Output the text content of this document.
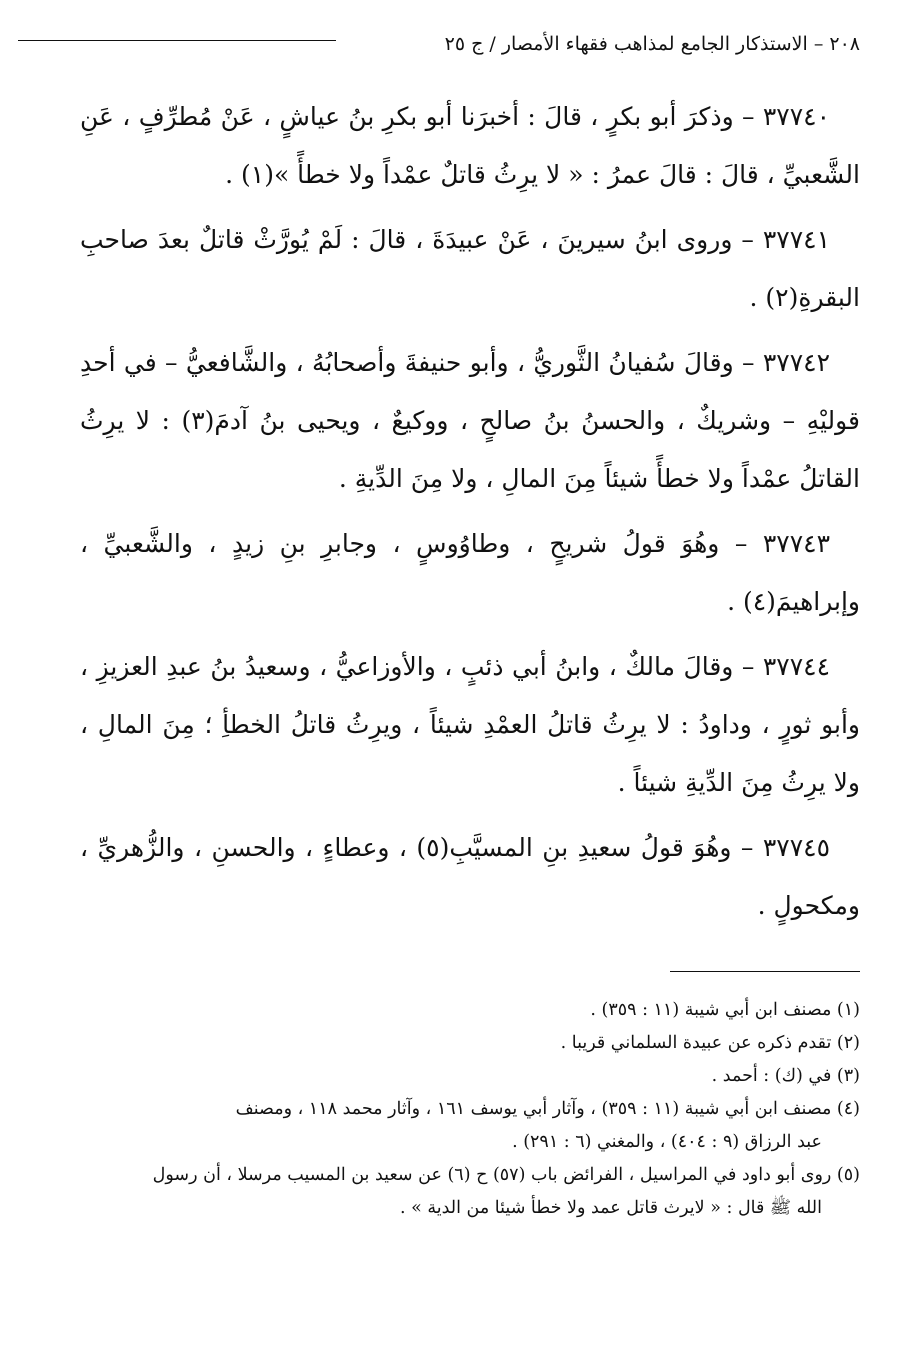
٢٠٨ – الاستذكار الجامع لمذاهب فقهاء الأمصار / ج ٢٥

٣٧٧٤٠ – وذكرَ أبو بكرٍ ، قالَ : أخبرَنا أبو بكرِ بنُ عياشٍ ، عَنْ مُطرِّفٍ ، عَنِ الشَّعبيِّ ، قالَ : قالَ عمرُ : « لا يرِثُ قاتلٌ عمْداً ولا خطأً »(١) .

٣٧٧٤١ – وروى ابنُ سيرينَ ، عَنْ عبيدَةَ ، قالَ : لَمْ يُورَّثْ قاتلٌ بعدَ صاحبِ البقرةِ(٢) .

٣٧٧٤٢ – وقالَ سُفيانُ الثَّوريُّ ، وأبو حنيفةَ وأصحابُهُ ، والشَّافعيُّ – في أحدِ قوليْهِ – وشريكٌ ، والحسنُ بنُ صالحٍ ، ووكيعٌ ، ويحيى بنُ آدمَ(٣) : لا يرِثُ القاتلُ عمْداً ولا خطأً شيئاً مِنَ المالِ ، ولا مِنَ الدِّيةِ .

٣٧٧٤٣ – وهُوَ قولُ شريحٍ ، وطاوُوسٍ ، وجابرِ بنِ زيدٍ ، والشَّعبيِّ ، وإبراهيمَ(٤) .

٣٧٧٤٤ – وقالَ مالكٌ ، وابنُ أبي ذئبٍ ، والأوزاعيُّ ، وسعيدُ بنُ عبدِ العزيزِ ، وأبو ثورٍ ، وداودُ : لا يرِثُ قاتلُ العمْدِ شيئاً ، ويرِثُ قاتلُ الخطأِ ؛ مِنَ المالِ ، ولا يرِثُ مِنَ الدِّيةِ شيئاً .

٣٧٧٤٥ – وهُوَ قولُ سعيدِ بنِ المسيَّبِ(٥) ، وعطاءٍ ، والحسنِ ، والزُّهريِّ ، ومكحولٍ .

(١) مصنف ابن أبي شيبة (١١ : ٣٥٩) .

(٢) تقدم ذكره عن عبيدة السلماني قريبا .

(٣) في (ك) : أحمد .

(٤) مصنف ابن أبي شيبة (١١ : ٣٥٩) ، وآثار أبي يوسف ١٦١ ، وآثار محمد ١١٨ ، ومصنف
عبد الرزاق (٩ : ٤٠٤) ، والمغني (٦ : ٢٩١) .

(٥) روى أبو داود في المراسيل ، الفرائض باب (٥٧) ح (٦) عن سعيد بن المسيب مرسلا ، أن رسول
الله ﷺ قال : « لايرث قاتل عمد ولا خطأ شيئا من الدية » .
